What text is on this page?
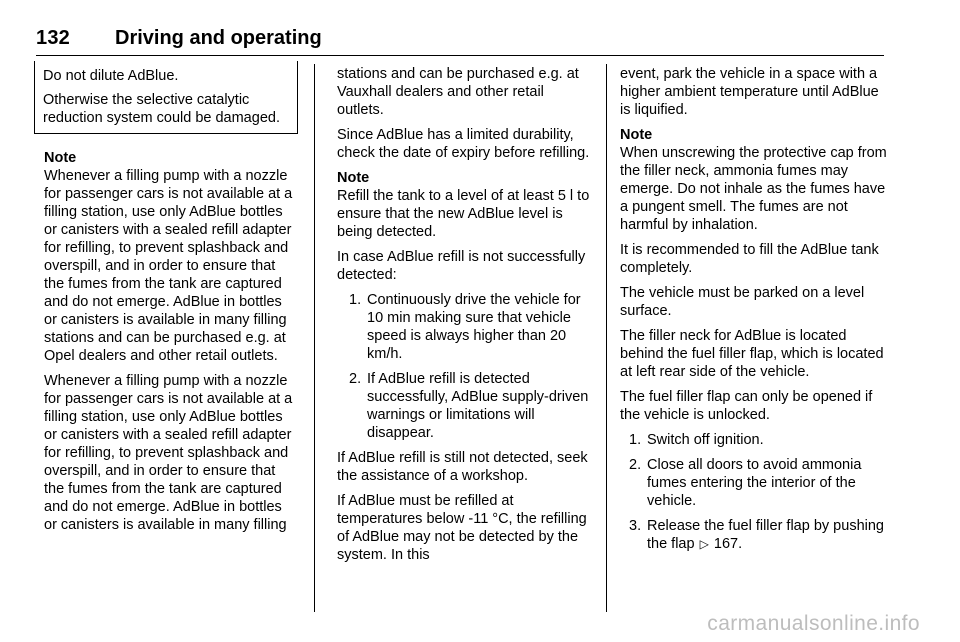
132 Driving and operating

Do not dilute AdBlue.

Otherwise the selective catalytic reduction system could be damaged.

Note
Whenever a filling pump with a nozzle for passenger cars is not available at a filling station, use only AdBlue bottles or canisters with a sealed refill adapter for refilling, to prevent splashback and overspill, and in order to ensure that the fumes from the tank are captured and do not emerge. AdBlue in bottles or canisters is available in many filling stations and can be purchased e.g. at Opel dealers and other retail outlets.

Whenever a filling pump with a nozzle for passenger cars is not available at a filling station, use only AdBlue bottles or canisters with a sealed refill adapter for refilling, to prevent splashback and overspill, and in order to ensure that the fumes from the tank are captured and do not emerge. AdBlue in bottles or canisters is available in many filling

stations and can be purchased e.g. at Vauxhall dealers and other retail outlets.

Since AdBlue has a limited durability, check the date of expiry before refilling.

Note
Refill the tank to a level of at least 5 l to ensure that the new AdBlue level is being detected.

In case AdBlue refill is not successfully detected:

1. Continuously drive the vehicle for 10 min making sure that vehicle speed is always higher than 20 km/h.
2. If AdBlue refill is detected successfully, AdBlue supply-driven warnings or limitations will disappear.

If AdBlue refill is still not detected, seek the assistance of a workshop.

If AdBlue must be refilled at temperatures below -11 °C, the refilling of AdBlue may not be detected by the system. In this

event, park the vehicle in a space with a higher ambient temperature until AdBlue is liquified.

Note
When unscrewing the protective cap from the filler neck, ammonia fumes may emerge. Do not inhale as the fumes have a pungent smell. The fumes are not harmful by inhalation.

It is recommended to fill the AdBlue tank completely.

The vehicle must be parked on a level surface.

The filler neck for AdBlue is located behind the fuel filler flap, which is located at left rear side of the vehicle.

The fuel filler flap can only be opened if the vehicle is unlocked.

1. Switch off ignition.
2. Close all doors to avoid ammonia fumes entering the interior of the vehicle.
3. Release the fuel filler flap by pushing the flap ▷ 167.
carmanualsonline.info
